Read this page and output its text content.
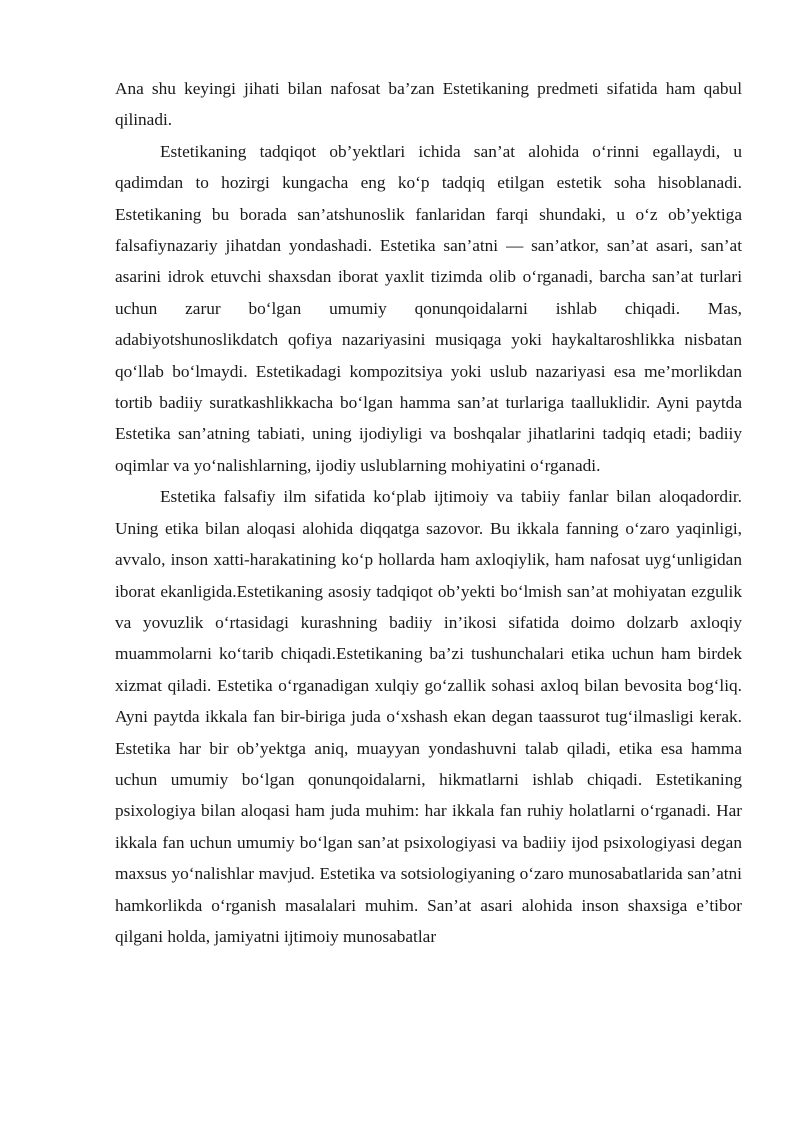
Ana shu keyingi jihati bilan nafosat ba’zan Estetikaning predmeti sifatida ham qabul qilinadi.

Estetikaning tadqiqot ob’yektlari ichida san’at alohida o‘rinni egallaydi, u qadimdan to hozirgi kungacha eng ko‘p tadqiq etilgan estetik soha hisoblanadi. Estetikaning bu borada san’atshunoslik fanlaridan farqi shundaki, u o‘z ob’yektiga falsafiynazariy jihatdan yondashadi. Estetika san’atni — san’atkor, san’at asari, san’at asarini idrok etuvchi shaxsdan iborat yaxlit tizimda olib o‘rganadi, barcha san’at turlari uchun zarur bo‘lgan umumiy qonunqoidalarni ishlab chiqadi. Mas, adabiyotshunoslikdatch qofiya nazariyasini musiqaga yoki haykaltaroshlikka nisbatan qo‘llab bo‘lmaydi. Estetikadagi kompozitsiya yoki uslub nazariyasi esa me’morlikdan tortib badiiy suratkashlikkacha bo‘lgan hamma san’at turlariga taalluklidir. Ayni paytda Estetika san’atning tabiati, uning ijodiyligi va boshqalar jihatlarini tadqiq etadi; badiiy oqimlar va yo‘nalishlarning, ijodiy uslublarning mohiyatini o‘rganadi.

Estetika falsafiy ilm sifatida ko‘plab ijtimoiy va tabiiy fanlar bilan aloqadordir. Uning etika bilan aloqasi alohida diqqatga sazovor. Bu ikkala fanning o‘zaro yaqinligi, avvalo, inson xatti-harakatining ko‘p hollarda ham axloqiylik, ham nafosat uyg‘unligidan iborat ekanligida.Estetikaning asosiy tadqiqot ob’yekti bo‘lmish san’at mohiyatan ezgulik va yovuzlik o‘rtasidagi kurashning badiiy in’ikosi sifatida doimo dolzarb axloqiy muammolarni ko‘tarib chiqadi.Estetikaning ba’zi tushunchalari etika uchun ham birdek xizmat qiladi. Estetika o‘rganadigan xulqiy go‘zallik sohasi axloq bilan bevosita bog‘liq. Ayni paytda ikkala fan bir-biriga juda o‘xshash ekan degan taassurot tug‘ilmasligi kerak. Estetika har bir ob’yektga aniq, muayyan yondashuvni talab qiladi, etika esa hamma uchun umumiy bo‘lgan qonunqoidalarni, hikmatlarni ishlab chiqadi. Estetikaning psixologiya bilan aloqasi ham juda muhim: har ikkala fan ruhiy holatlarni o‘rganadi. Har ikkala fan uchun umumiy bo‘lgan san’at psixologiyasi va badiiy ijod psixologiyasi degan maxsus yo‘nalishlar mavjud. Estetika va sotsiologiyaning o‘zaro munosabatlarida san’atni hamkorlikda o‘rganish masalalari muhim. San’at asari alohida inson shaxsiga e’tibor qilgani holda, jamiyatni ijtimoiy munosabatlar
